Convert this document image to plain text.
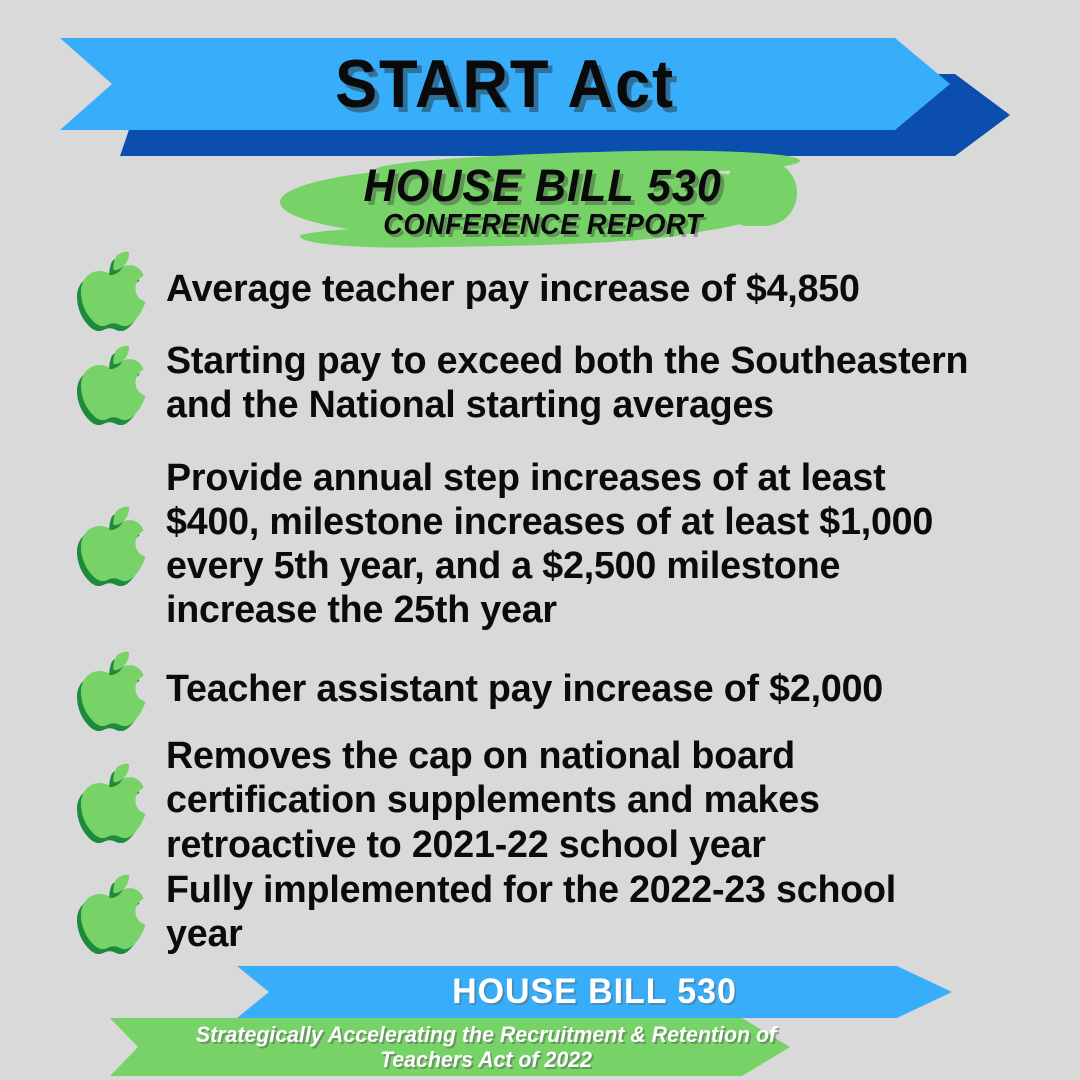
START Act
HOUSE BILL 530
CONFERENCE REPORT
Average teacher pay increase of $4,850
Starting pay to exceed both the Southeastern and the National starting averages
Provide annual step increases of at least $400, milestone increases of at least $1,000 every 5th year, and a $2,500 milestone increase the 25th year
Teacher assistant pay increase of $2,000
Removes the cap on national board certification supplements and makes retroactive to 2021-22 school year
Fully implemented for the 2022-23 school year
HOUSE BILL 530
Strategically Accelerating the Recruitment & Retention of Teachers Act of 2022
